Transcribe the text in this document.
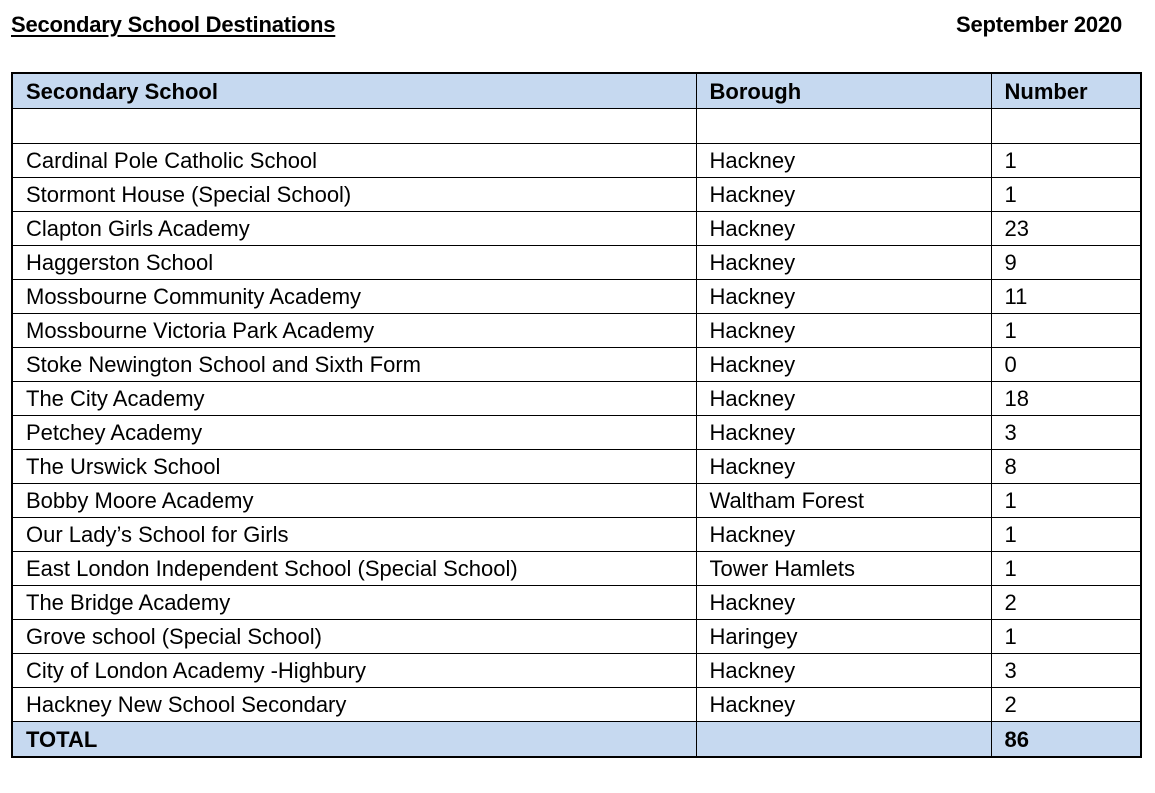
Secondary School Destinations	September 2020
Secondary School	Borough	Number

Cardinal Pole Catholic School	Hackney	1
Stormont House (Special School)	Hackney	1
Clapton Girls Academy	Hackney	23
Haggerston School	Hackney	9
Mossbourne Community Academy	Hackney	11
Mossbourne Victoria Park Academy	Hackney	1
Stoke Newington School and Sixth Form	Hackney	0
The City Academy	Hackney	18
Petchey Academy	Hackney	3
The Urswick School	Hackney	8
Bobby Moore Academy	Waltham Forest	1
Our Lady’s School for Girls	Hackney	1
East London Independent School (Special School)	Tower Hamlets	1
The Bridge Academy	Hackney	2
Grove school (Special School)	Haringey	1
City of London Academy -Highbury	Hackney	3
Hackney New School Secondary	Hackney	2
TOTAL		86
